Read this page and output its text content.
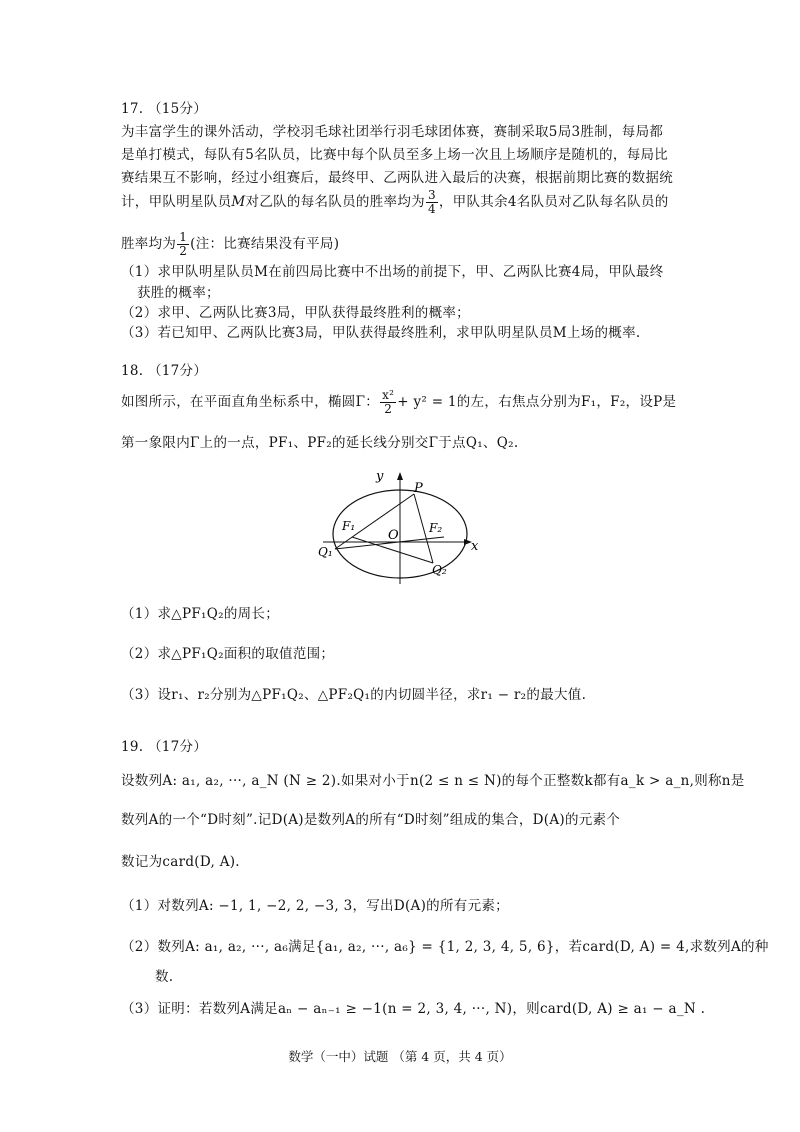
17. （15分）
为丰富学生的课外活动，学校羽毛球社团举行羽毛球团体赛，赛制采取5局3胜制，每局都
是单打模式，每队有5名队员，比赛中每个队员至多上场一次且上场顺序是随机的，每局比
赛结果互不影响，经过小组赛后，最终甲、乙两队进入最后的决赛，根据前期比赛的数据统
计，甲队明星队员M对乙队的每名队员的胜率均为 $\frac{3}{4}$ ，甲队其余4名队员对乙队每名队员的
胜率均为 $\frac{1}{2}$ (注：比赛结果没有平局)
（1）求甲队明星队员M在前四局比赛中不出场的前提下，甲、乙两队比赛4局，甲队最终
获胜的概率；
（2）求甲、乙两队比赛3局，甲队获得最终胜利的概率；
（3）若已知甲、乙两队比赛3局，甲队获得最终胜利，求甲队明星队员M上场的概率.
18. （17分）
如图所示，在平面直角坐标系中，椭圆Γ： $\frac{\text{x²}}{2} + y^2 = 1$的左，右焦点分别为F₁，F₂，设P是
第一象限内Γ上的一点，PF₁、PF₂的延长线分别交Γ于点Q₁、Q₂.
y
x
O
P
F₁	F₂
Q₁
Q₂
（1）求△PF₁Q₂的周长；
（2）求△PF₁Q₂面积的取值范围；
（3）设r₁、r₂分别为△PF₁Q₂、△PF₂Q₁的内切圆半径，求r₁ − r₂的最大值.
19. （17分）
设数列A: a₁, a₂, ···, a_N (N ≥ 2).如果对小于n(2 ≤ n ≤ N)的每个正整数k都有a_k > a_n,则称n是
数列A的一个“D时刻”.记D(A)是数列A的所有“D时刻”组成的集合，D(A)的元素个
数记为card(D, A).
（1）对数列A: −1, 1, −2, 2, −3, 3，写出D(A)的所有元素；
（2）数列A: a₁, a₂, ···, a₆满足{a₁, a₂, ···, a₆} = {1, 2, 3, 4, 5, 6}，若card(D, A) = 4,求数列A的种
数.
（3）证明：若数列A满足aₙ − aₙ₋₁ ≥ −1(n = 2, 3, 4, ···, N)，则card(D, A) ≥ a₁ − a_N .
数学（一中）试题 （第 4 页，共 4 页）
